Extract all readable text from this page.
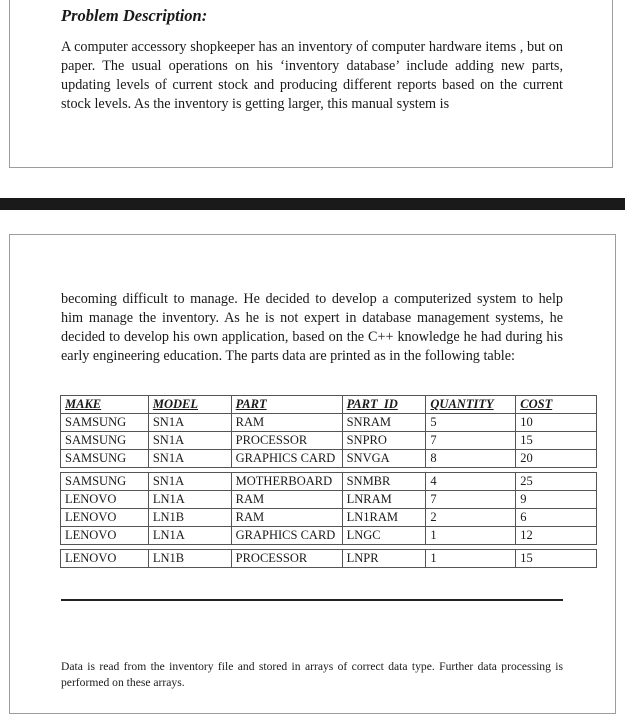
Problem Description:

A computer accessory shopkeeper has an inventory of computer hardware items , but on paper. The usual operations on his ‘inventory database’ include adding new parts, updating levels of current stock and producing different reports based on the current stock levels. As the inventory is getting larger, this manual system is

becoming difficult to manage. He decided to develop a computerized system to help him manage the inventory. As he is not expert in database management systems, he decided to develop his own application, based on the C++ knowledge he had during his early engineering education. The parts data are printed as in the following table:

MAKE	MODEL	PART	PART_ID	QUANTITY	COST
SAMSUNG	SN1A	RAM	SNRAM	5	10
SAMSUNG	SN1A	PROCESSOR	SNPRO	7	15
SAMSUNG	SN1A	GRAPHICS CARD	SNVGA	8	20

SAMSUNG	SN1A	MOTHERBOARD	SNMBR	4	25
LENOVO	LN1A	RAM	LNRAM	7	9
LENOVO	LN1B	RAM	LN1RAM	2	6
LENOVO	LN1A	GRAPHICS CARD	LNGC	1	12

LENOVO	LN1B	PROCESSOR	LNPR	1	15

Data is read from the inventory file and stored in arrays of correct data type. Further data processing is performed on these arrays.
